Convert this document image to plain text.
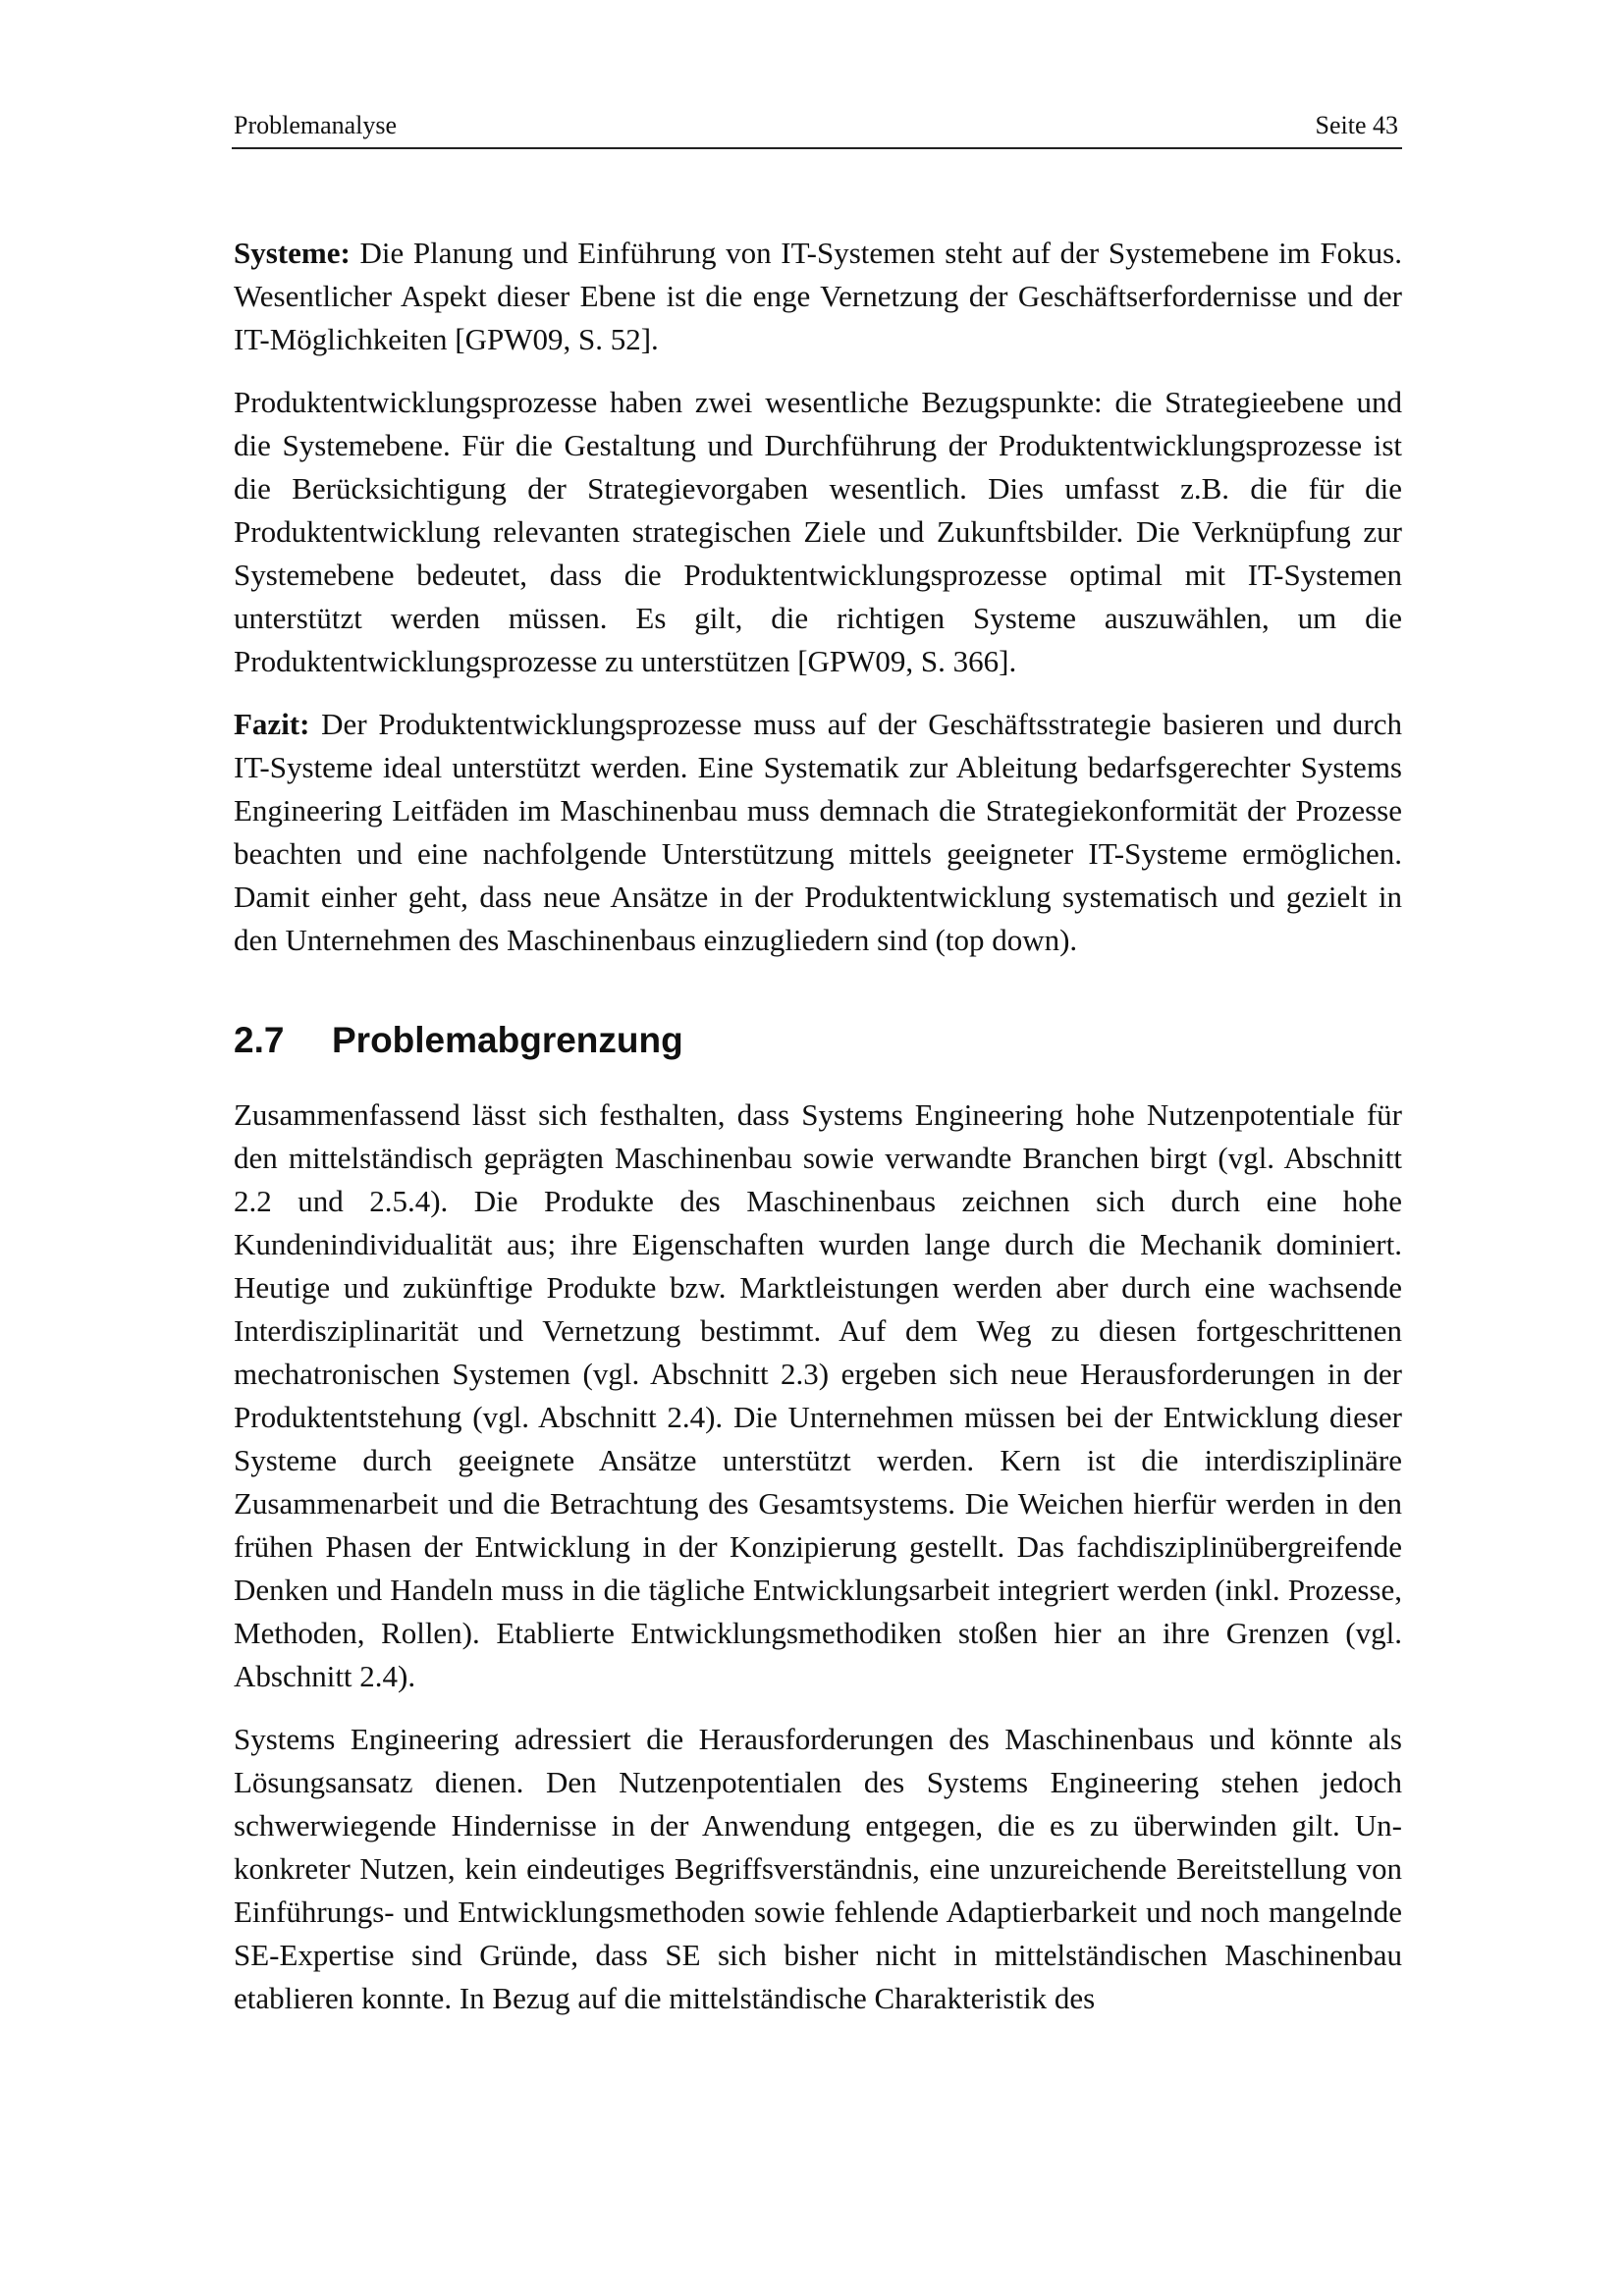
Problemanalyse	Seite 43

Systeme: Die Planung und Einführung von IT-Systemen steht auf der Systemebene im Fokus. Wesentlicher Aspekt dieser Ebene ist die enge Vernetzung der Geschäftserfordernisse und der IT-Möglichkeiten [GPW09, S. 52].

Produktentwicklungsprozesse haben zwei wesentliche Bezugspunkte: die Strategieebene und die Systemebene. Für die Gestaltung und Durchführung der Produktentwicklungsprozesse ist die Berücksichtigung der Strategievorgaben wesentlich. Dies umfasst z.B. die für die Produktentwicklung relevanten strategischen Ziele und Zukunftsbilder. Die Verknüpfung zur Systemebene bedeutet, dass die Produktentwicklungsprozesse optimal mit IT-Systemen unterstützt werden müssen. Es gilt, die richtigen Systeme auszuwählen, um die Produktentwicklungsprozesse zu unterstützen [GPW09, S. 366].

Fazit: Der Produktentwicklungsprozesse muss auf der Geschäftsstrategie basieren und durch IT-Systeme ideal unterstützt werden. Eine Systematik zur Ableitung bedarfsgerechter Systems Engineering Leitfäden im Maschinenbau muss demnach die Strategiekonformität der Prozesse beachten und eine nachfolgende Unterstützung mittels geeigneter IT-Systeme ermöglichen. Damit einher geht, dass neue Ansätze in der Produktentwicklung systematisch und gezielt in den Unternehmen des Maschinenbaus einzugliedern sind (top down).

2.7	Problemabgrenzung

Zusammenfassend lässt sich festhalten, dass Systems Engineering hohe Nutzenpotentiale für den mittelständisch geprägten Maschinenbau sowie verwandte Branchen birgt (vgl. Abschnitt 2.2 und 2.5.4). Die Produkte des Maschinenbaus zeichnen sich durch eine hohe Kundenindividualität aus; ihre Eigenschaften wurden lange durch die Mechanik dominiert. Heutige und zukünftige Produkte bzw. Marktleistungen werden aber durch eine wachsende Interdisziplinarität und Vernetzung bestimmt. Auf dem Weg zu diesen fortgeschrittenen mechatronischen Systemen (vgl. Abschnitt 2.3) ergeben sich neue Herausforderungen in der Produktentstehung (vgl. Abschnitt 2.4). Die Unternehmen müssen bei der Entwicklung dieser Systeme durch geeignete Ansätze unterstützt werden. Kern ist die interdisziplinäre Zusammenarbeit und die Betrachtung des Gesamtsystems. Die Weichen hierfür werden in den frühen Phasen der Entwicklung in der Konzipierung gestellt. Das fachdisziplinübergreifende Denken und Handeln muss in die tägliche Entwicklungsarbeit integriert werden (inkl. Prozesse, Methoden, Rollen). Etablierte Entwicklungsmethodiken stoßen hier an ihre Grenzen (vgl. Abschnitt 2.4).

Systems Engineering adressiert die Herausforderungen des Maschinenbaus und könnte als Lösungsansatz dienen. Den Nutzenpotentialen des Systems Engineering stehen jedoch schwerwiegende Hindernisse in der Anwendung entgegen, die es zu überwinden gilt. Unkonkreter Nutzen, kein eindeutiges Begriffsverständnis, eine unzureichende Bereitstellung von Einführungs- und Entwicklungsmethoden sowie fehlende Adaptierbarkeit und noch mangelnde SE-Expertise sind Gründe, dass SE sich bisher nicht in mittelständischen Maschinenbau etablieren konnte. In Bezug auf die mittelständische Charakteristik des
